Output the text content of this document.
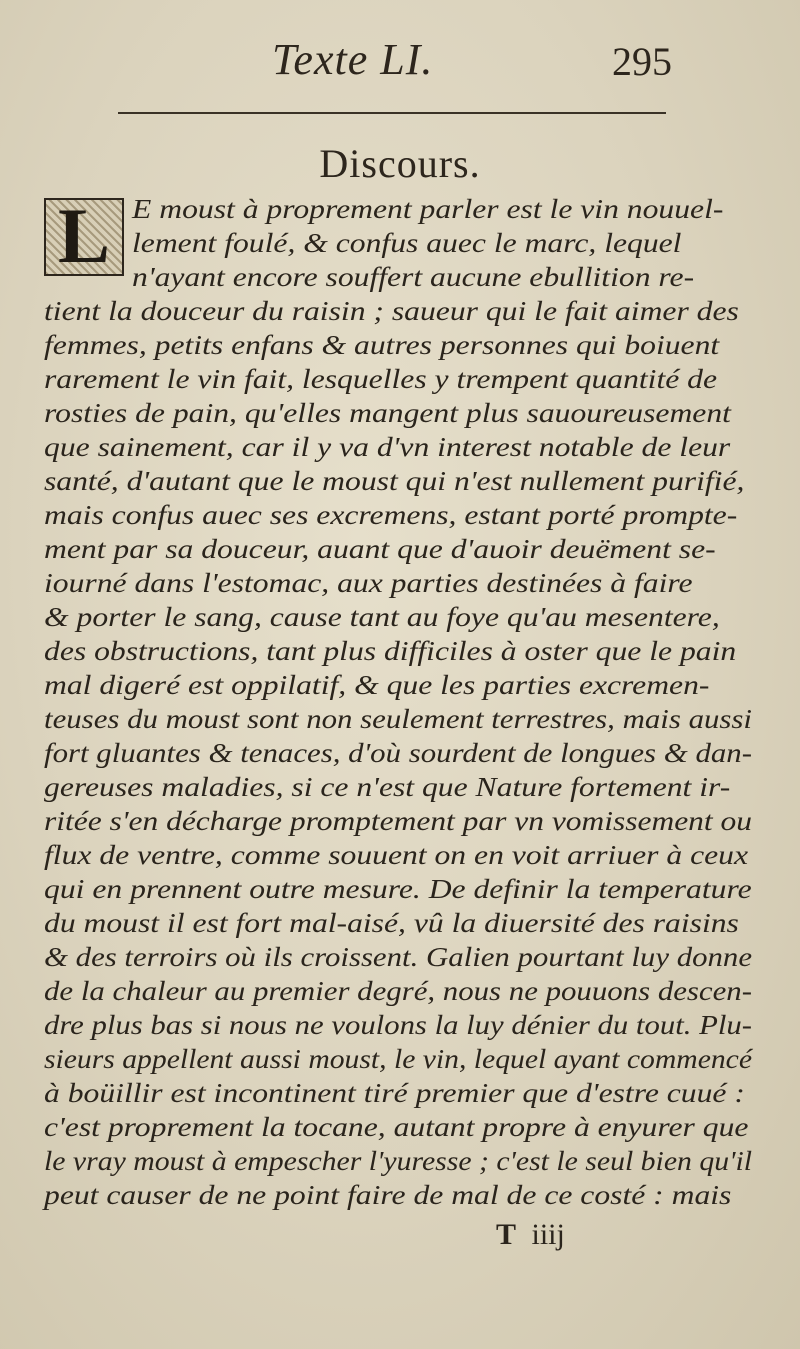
Texte LI.	295
Discours.
L E moust à proprement parler est le vin nouuel-
lement foulé, & confus auec le marc, lequel
n'ayant encore souffert aucune ebullition re-
tient la douceur du raisin ; saueur qui le fait aimer des
femmes, petits enfans & autres personnes qui boiuent
rarement le vin fait, lesquelles y trempent quantité de
rosties de pain, qu'elles mangent plus sauoureusement
que sainement, car il y va d'vn interest notable de leur
santé, d'autant que le moust qui n'est nullement purifié,
mais confus auec ses excremens, estant porté prompte-
ment par sa douceur, auant que d'auoir deuëment se-
iourné dans l'estomac, aux parties destinées à faire
& porter le sang, cause tant au foye qu'au mesentere,
des obstructions, tant plus difficiles à oster que le pain
mal digeré est oppilatif, & que les parties excremen-
teuses du moust sont non seulement terrestres, mais aussi
fort gluantes & tenaces, d'où sourdent de longues & dan-
gereuses maladies, si ce n'est que Nature fortement ir-
ritée s'en décharge promptement par vn vomissement ou
flux de ventre, comme souuent on en voit arriuer à ceux
qui en prennent outre mesure. De definir la temperature
du moust il est fort mal-aisé, vû la diuersité des raisins
& des terroirs où ils croissent. Galien pourtant luy donne
de la chaleur au premier degré, nous ne pouuons descen-
dre plus bas si nous ne voulons la luy dénier du tout. Plu-
sieurs appellent aussi moust, le vin, lequel ayant commencé
à boüillir est incontinent tiré premier que d'estre cuué :
c'est proprement la tocane, autant propre à enyurer que
le vray moust à empescher l'yuresse ; c'est le seul bien qu'il
peut causer de ne point faire de mal de ce costé : mais
T iiij
